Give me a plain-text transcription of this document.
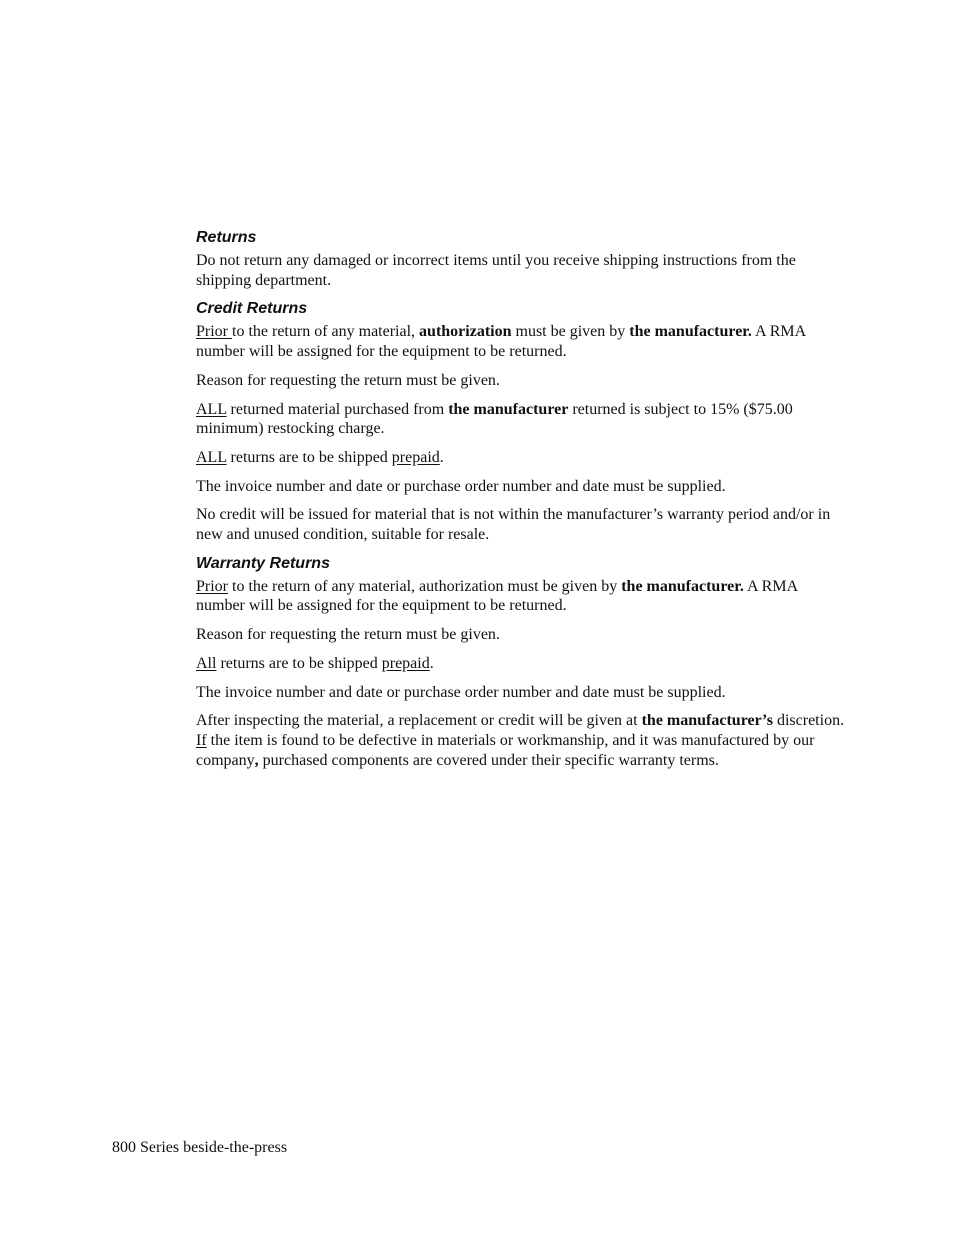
Returns

Do not return any damaged or incorrect items until you receive shipping instructions from the shipping department.

Credit Returns

Prior to the return of any material, authorization must be given by the manufacturer. A RMA number will be assigned for the equipment to be returned.

Reason for requesting the return must be given.

ALL returned material purchased from the manufacturer returned is subject to 15% ($75.00 minimum) restocking charge.

ALL returns are to be shipped prepaid.

The invoice number and date or purchase order number and date must be supplied.

No credit will be issued for material that is not within the manufacturer’s warranty period and/or in new and unused condition, suitable for resale.

Warranty Returns

Prior to the return of any material, authorization must be given by the manufacturer. A RMA number will be assigned for the equipment to be returned.

Reason for requesting the return must be given.

All returns are to be shipped prepaid.

The invoice number and date or purchase order number and date must be supplied.

After inspecting the material, a replacement or credit will be given at the manufacturer’s discretion.  If the item is found to be defective in materials or workmanship, and it was manufactured by our company, purchased components are covered under their specific warranty terms.

800 Series beside-the-press
